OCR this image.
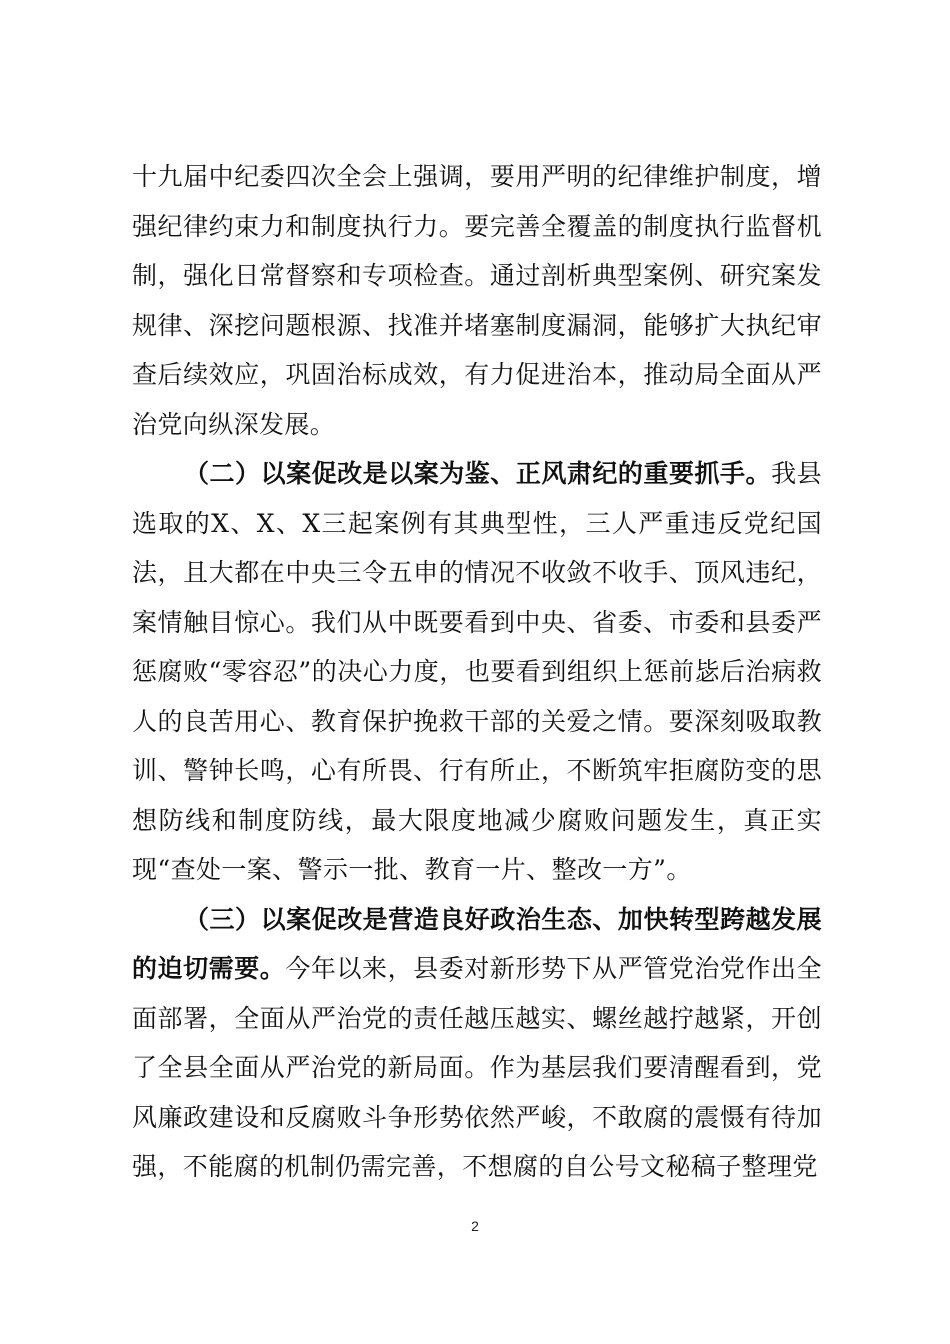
十九届中纪委四次全会上强调，要用严明的纪律维护制度，增强纪律约束力和制度执行力。要完善全覆盖的制度执行监督机制，强化日常督察和专项检查。通过剖析典型案例、研究案发规律、深挖问题根源、找准并堵塞制度漏洞，能够扩大执纪审查后续效应，巩固治标成效，有力促进治本，推动局全面从严治党向纵深发展。

（二）以案促改是以案为鉴、正风肃纪的重要抓手。我县选取的X、X、X三起案例有其典型性，三人严重违反党纪国法，且大都在中央三令五申的情况不收敛不收手、顶风违纪，案情触目惊心。我们从中既要看到中央、省委、市委和县委严惩腐败“零容忍”的决心力度，也要看到组织上惩前毖后治病救人的良苦用心、教育保护挽救干部的关爱之情。要深刻吸取教训、警钟长鸣，心有所畏、行有所止，不断筑牢拒腐防变的思想防线和制度防线，最大限度地减少腐败问题发生，真正实现“查处一案、警示一批、教育一片、整改一方”。

（三）以案促改是营造良好政治生态、加快转型跨越发展的迫切需要。今年以来，县委对新形势下从严管党治党作出全面部署，全面从严治党的责任越压越实、螺丝越拧越紧，开创了全县全面从严治党的新局面。作为基层我们要清醒看到，党风廉政建设和反腐败斗争形势依然严峻，不敢腐的震慑有待加强，不能腐的机制仍需完善，不想腐的自公号文秘稿子整理党

2
